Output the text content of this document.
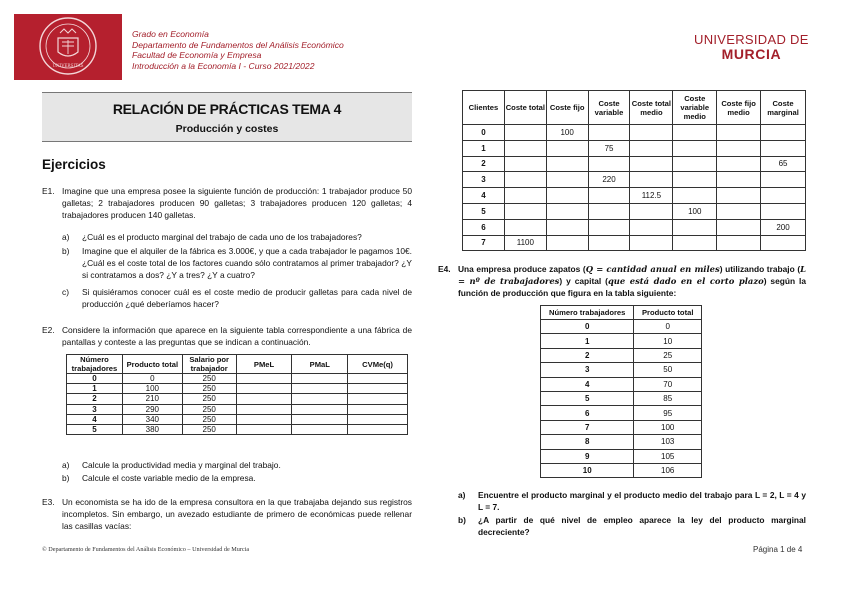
UNIVERSITAS
Grado en Economía
Departamento de Fundamentos del Análisis Económico
Facultad de Economía y Empresa
Introducción a la Economía I - Curso 2021/2022
UNIVERSIDAD DE
MURCIA
RELACIÓN DE PRÁCTICAS TEMA 4
Producción y costes
Ejercicios
E1. Imagine que una empresa posee la siguiente función de producción: 1 trabajador produce 50 galletas; 2 trabajadores producen 90 galletas; 3 trabajadores producen 120 galletas; 4 trabajadores producen 140 galletas.
a) ¿Cuál es el producto marginal del trabajo de cada uno de los trabajadores?
b) Imagine que el alquiler de la fábrica es 3.000€, y que a cada trabajador le pagamos 10€. ¿Cuál es el coste total de los factores cuando sólo contratamos al primer trabajador? ¿Y si contratamos a dos? ¿Y a tres? ¿Y a cuatro?
c) Si quisiéramos conocer cuál es el coste medio de producir galletas para cada nivel de producción ¿qué deberíamos hacer?
E2. Considere la información que aparece en la siguiente tabla correspondiente a una fábrica de pantallas y conteste a las preguntas que se indican a continuación.
Número trabajadores	Producto total	Salario por trabajador	PMeL	PMaL	CVMe(q)
0	0	250			
1	100	250			
2	210	250			
3	290	250			
4	340	250			
5	380	250			
a) Calcule la productividad media y marginal del trabajo.
b) Calcule el coste variable medio de la empresa.
E3. Un economista se ha ido de la empresa consultora en la que trabajaba dejando sus registros incompletos. Sin embargo, un avezado estudiante de primero de económicas puede rellenar las casillas vacías:
Clientes	Coste total	Coste fijo	Coste variable	Coste total medio	Coste variable medio	Coste fijo medio	Coste marginal
0		100					
1			75				
2							65
3			220				
4				112.5			
5					100		
6							200
7	1100						
E4. Una empresa produce zapatos (Q = cantidad anual en miles) utilizando trabajo (L = nº de trabajadores) y capital (que está dado en el corto plazo) según la función de producción que figura en la tabla siguiente:
Número trabajadores	Producto total
0	0
1	10
2	25
3	50
4	70
5	85
6	95
7	100
8	103
9	105
10	106
a) Encuentre el producto marginal y el producto medio del trabajo para L = 2, L = 4 y L = 7.
b) ¿A partir de qué nivel de empleo aparece la ley del producto marginal decreciente?
© Departamento de Fundamentos del Análisis Económico – Universidad de Murcia	Página 1 de 4
